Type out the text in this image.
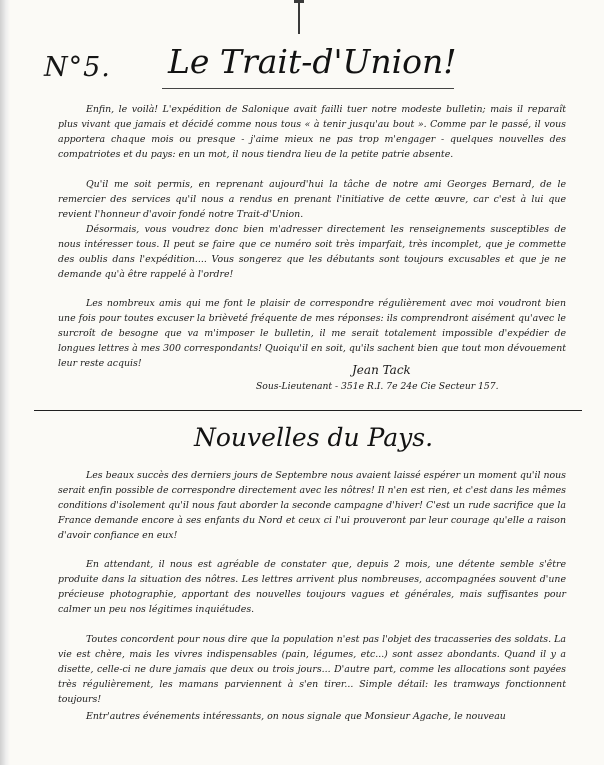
N°5. Le Trait-d'Union!

Enfin, le voilà! L'expédition de Salonique avait failli tuer notre modeste bulletin; mais il reparaît plus vivant que jamais et décidé comme nous tous « à tenir jusqu'au bout ». Comme par le passé, il vous apportera chaque mois ou presque - j'aime mieux ne pas trop m'engager - quelques nouvelles des compatriotes et du pays: en un mot, il nous tiendra lieu de la petite patrie absente.

Qu'il me soit permis, en reprenant aujourd'hui la tâche de notre ami Georges Bernard, de le remercier des services qu'il nous a rendus en prenant l'initiative de cette œuvre, car c'est à lui que revient l'honneur d'avoir fondé notre Trait-d'Union.

Désormais, vous voudrez donc bien m'adresser directement les renseignements susceptibles de nous intéresser tous. Il peut se faire que ce numéro soit très imparfait, très incomplet, que je commette des oublis dans l'expédition.... Vous songerez que les débutants sont toujours excusables et que je ne demande qu'à être rappelé à l'ordre!

Les nombreux amis qui me font le plaisir de correspondre régulièrement avec moi voudront bien une fois pour toutes excuser la brièveté fréquente de mes réponses: ils comprendront aisément qu'avec le surcroît de besogne que va m'imposer le bulletin, il me serait totalement impossible d'expédier de longues lettres à mes 300 correspondants! Quoiqu'il en soit, qu'ils sachent bien que tout mon dévouement leur reste acquis!	Jean Tack
Sous-Lieutenant - 351e R.I. 7e 24e Cie Secteur 157.
Nouvelles du Pays.

Les beaux succès des derniers jours de Septembre nous avaient laissé espérer un moment qu'il nous serait enfin possible de correspondre directement avec les nôtres! Il n'en est rien, et c'est dans les mêmes conditions d'isolement qu'il nous faut aborder la seconde campagne d'hiver! C'est un rude sacrifice que la France demande encore à ses enfants du Nord et ceux ci l'ui prouveront par leur courage qu'elle a raison d'avoir confiance en eux!

En attendant, il nous est agréable de constater que, depuis 2 mois, une détente semble s'être produite dans la situation des nôtres. Les lettres arrivent plus nombreuses, accompagnées souvent d'une précieuse photographie, apportant des nouvelles toujours vagues et générales, mais suffisantes pour calmer un peu nos légitimes inquiétudes.

Toutes concordent pour nous dire que la population n'est pas l'objet des tracasseries des soldats. La vie est chère, mais les vivres indispensables (pain, légumes, etc...) sont assez abondants. Quand il y a disette, celle-ci ne dure jamais que deux ou trois jours... D'autre part, comme les allocations sont payées très régulièrement, les mamans parviennent à s'en tirer... Simple détail: les tramways fonctionnent toujours!

Entr'autres événements intéressants, on nous signale que Monsieur Agache, le nouveau
